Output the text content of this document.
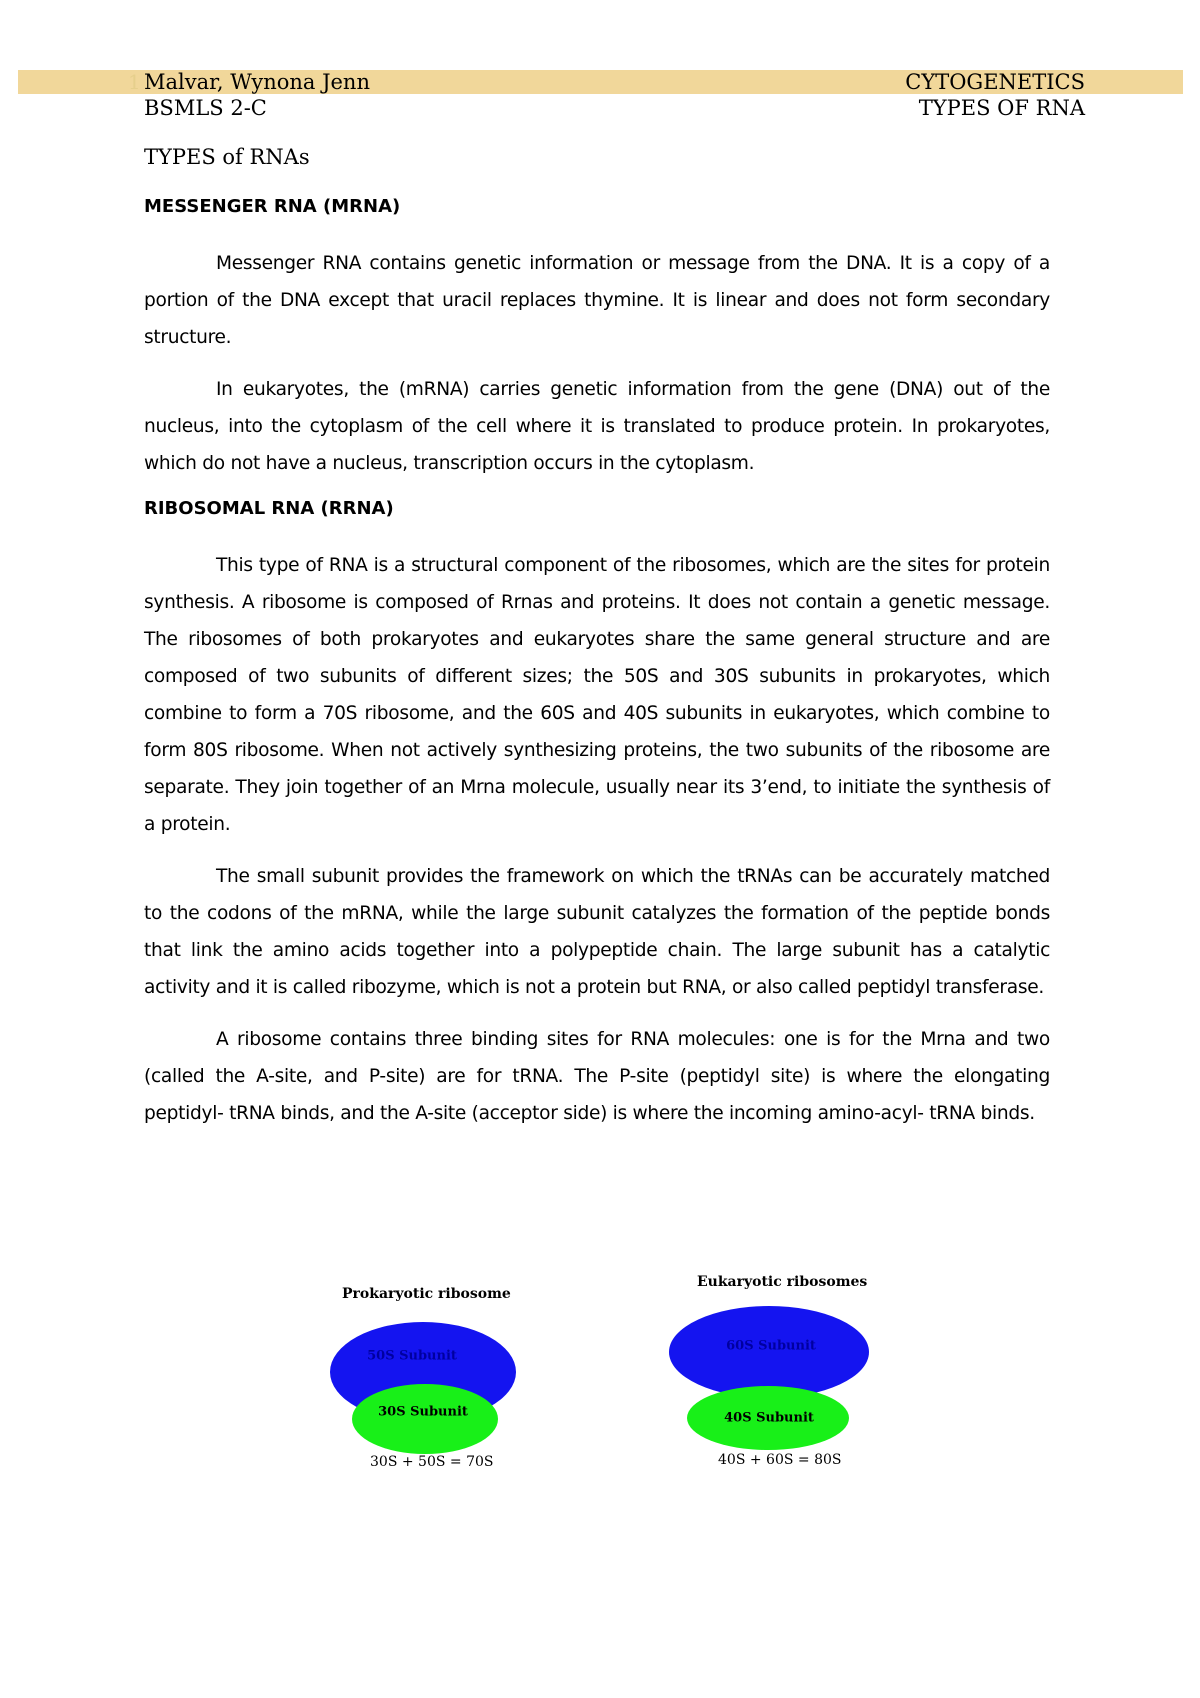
1 Malvar, Wynona Jenn
BSMLS 2-C
CYTOGENETICS
TYPES OF RNA
TYPES of RNAs
MESSENGER RNA (MRNA)

Messenger RNA contains genetic information or message from the DNA. It is a copy of a portion of the DNA except that uracil replaces thymine. It is linear and does not form secondary structure.

In eukaryotes, the (mRNA) carries genetic information from the gene (DNA) out of the nucleus, into the cytoplasm of the cell where it is translated to produce protein. In prokaryotes, which do not have a nucleus, transcription occurs in the cytoplasm.

RIBOSOMAL RNA (RRNA)

This type of RNA is a structural component of the ribosomes, which are the sites for protein synthesis. A ribosome is composed of Rrnas and proteins. It does not contain a genetic message. The ribosomes of both prokaryotes and eukaryotes share the same general structure and are composed of two subunits of different sizes; the 50S and 30S subunits in prokaryotes, which combine to form a 70S ribosome, and the 60S and 40S subunits in eukaryotes, which combine to form 80S ribosome. When not actively synthesizing proteins, the two subunits of the ribosome are separate. They join together of an Mrna molecule, usually near its 3’end, to initiate the synthesis of a protein.

The small subunit provides the framework on which the tRNAs can be accurately matched to the codons of the mRNA, while the large subunit catalyzes the formation of the peptide bonds that link the amino acids together into a polypeptide chain. The large subunit has a catalytic activity and it is called ribozyme, which is not a protein but RNA, or also called peptidyl transferase.

A ribosome contains three binding sites for RNA molecules: one is for the Mrna and two (called the A-site, and P-site) are for tRNA. The P-site (peptidyl site) is where the elongating peptidyl- tRNA binds, and the A-site (acceptor side) is where the incoming amino-acyl- tRNA binds.

Prokaryotic ribosome
50S Subunit
30S Subunit
30S + 50S = 70S
Eukaryotic ribosomes
60S Subunit
40S Subunit
40S + 60S = 80S
